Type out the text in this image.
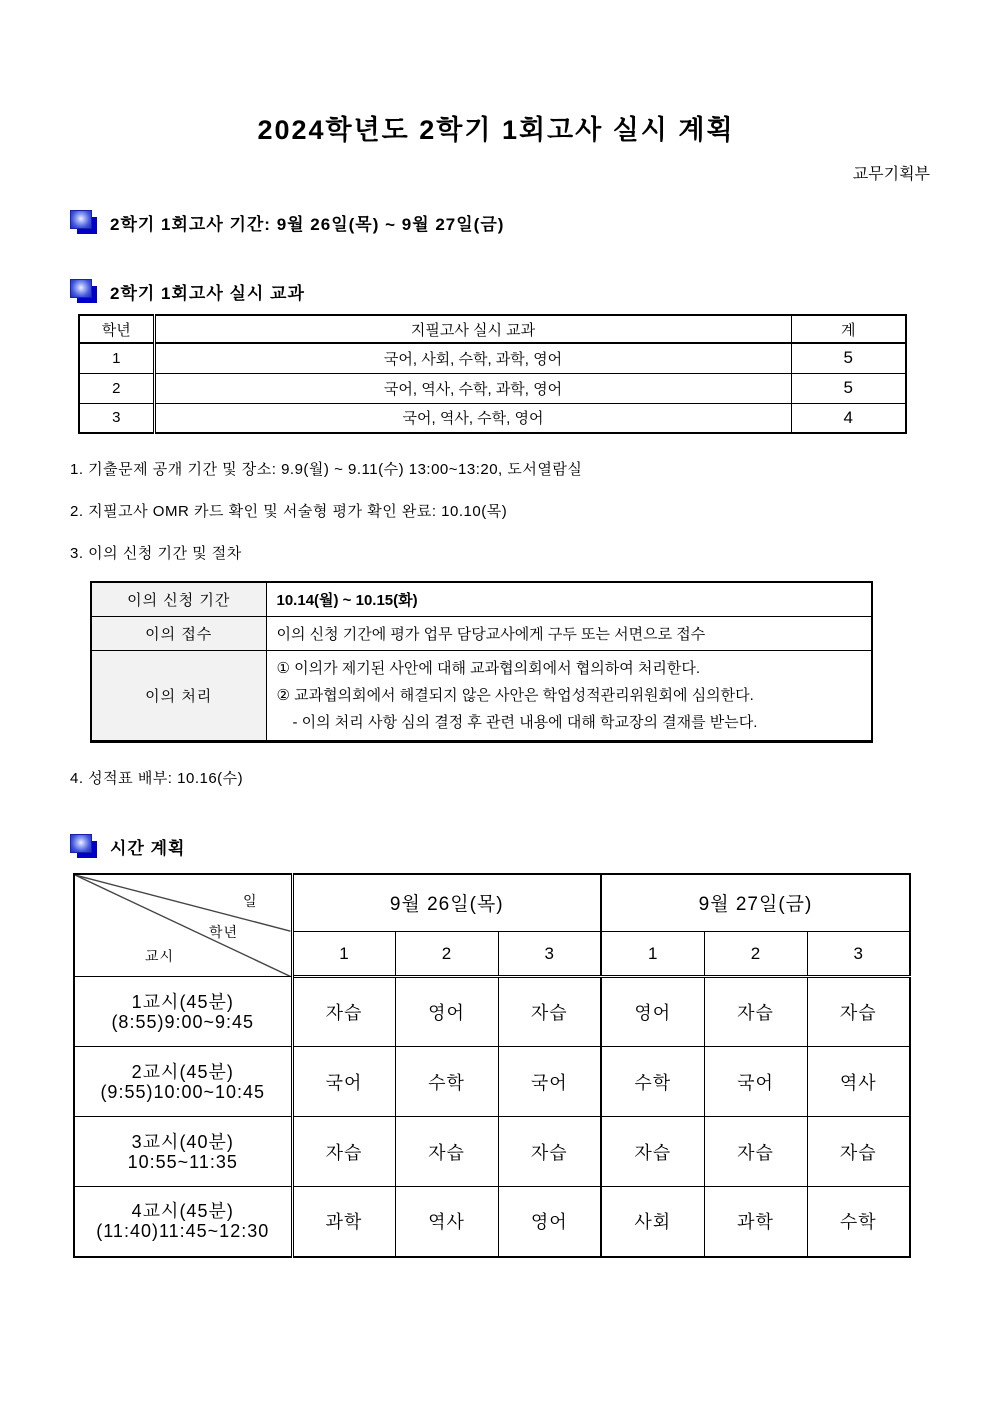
2024학년도 2학기 1회고사 실시 계획
교무기획부
2학기 1회고사 기간: 9월 26일(목) ~ 9월 27일(금)
2학기 1회고사 실시 교과
학년	지필고사 실시 교과	계
1	국어, 사회, 수학, 과학, 영어	5
2	국어, 역사, 수학, 과학, 영어	5
3	국어, 역사, 수학, 영어	4
1. 기출문제 공개 기간 및 장소: 9.9(월) ~ 9.11(수) 13:00~13:20, 도서열람실
2. 지필고사 OMR 카드 확인 및 서술형 평가 확인 완료: 10.10(목)
3. 이의 신청 기간 및 절차
이의 신청 기간	10.14(월) ~ 10.15(화)
이의 접수	이의 신청 기간에 평가 업무 담당교사에게 구두 또는 서면으로 접수
이의 처리	① 이의가 제기된 사안에 대해 교과협의회에서 협의하여 처리한다.
② 교과협의회에서 해결되지 않은 사안은 학업성적관리위원회에 심의한다.
- 이의 처리 사항 심의 결정 후 관련 내용에 대해 학교장의 결재를 받는다.
4. 성적표 배부: 10.16(수)
시간 계획
일
학년
교시	9월 26일(목)			9월 27일(금)		
	1	2	3	1	2	3

1교시(45분)
(8:55)9:00~9:45	자습	영어	자습	영어	자습	자습

2교시(45분)
(9:55)10:00~10:45	국어	수학	국어	수학	국어	역사

3교시(40분)
10:55~11:35	자습	자습	자습	자습	자습	자습

4교시(45분)
(11:40)11:45~12:30	과학	역사	영어	사회	과학	수학
